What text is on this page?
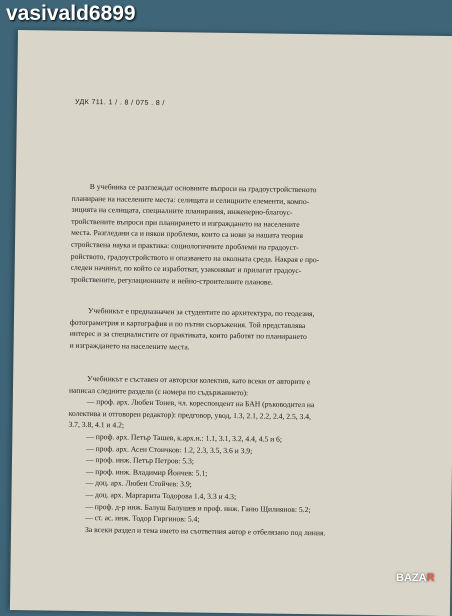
УДК 711. 1 / . 8 / 075 . 8 /
В учебника се разглеждат основните въпроси на градоустройственото
планиране на населените места: селищата и селищните елементи, компо-
зицията на селищата, специалните планирания, инженерно-благоус-
тройствените въпроси при планирането и изграждането на населените
места. Разгледани са и някои проблеми, които са нови за нашата теория
стройствена наука и практика: социологичните проблеми на градоуст-
ройството, градоустройството и опазването на околната среда. Накрая е про-
следен начинът, по който се изработват, узаконяват и прилагат градоус-
тройствените, регулационните и нейно-строителните планове.
Учебникът е предназначен за студентите по архитектура, по геодезия,
фотограметрия и картография и по пътни съоръжения. Той представлява
интерес и за специалистите от практиката, които работят по планирането
и изграждането на населените места.
Учебникът е съставен от авторски колектив, като всеки от авторите е
написал следните раздели (с номера по съдържанието):
— проф. арх. Любен Тонев, чл. кореспондент на БАН (ръководител на
колектива и отговорен редактор): предговор, увод, 1.3, 2.1, 2.2, 2.4, 2.5, 3.4,
3.7, 3.8, 4.1 и 4.2;
— проф. арх. Петър Ташев, к.арх.н.: 1.1, 3.1, 3.2, 4.4, 4.5 и 6;
— проф. арх. Асен Стоичков: 1.2, 2.3, 3.5, 3.6 и 3.9;
— проф. инж. Петър Петров: 5.3;
— проф. инж. Владимир Йончев: 5.1;
— доц. арх. Любен Стойчев: 3.9;
— доц. арх. Маргарита Тодорова 1.4, 3.3 и 4.3;
— проф. д-р инж. Балуш Балушев и проф. инж. Ганю Щилиянов: 5.2;
— ст. ас. инж. Тодор Гиргинов: 5.4;
За всеки раздел и тема името на съответния автор е отбелязано под линия.
vasivald6899
BAZAR
